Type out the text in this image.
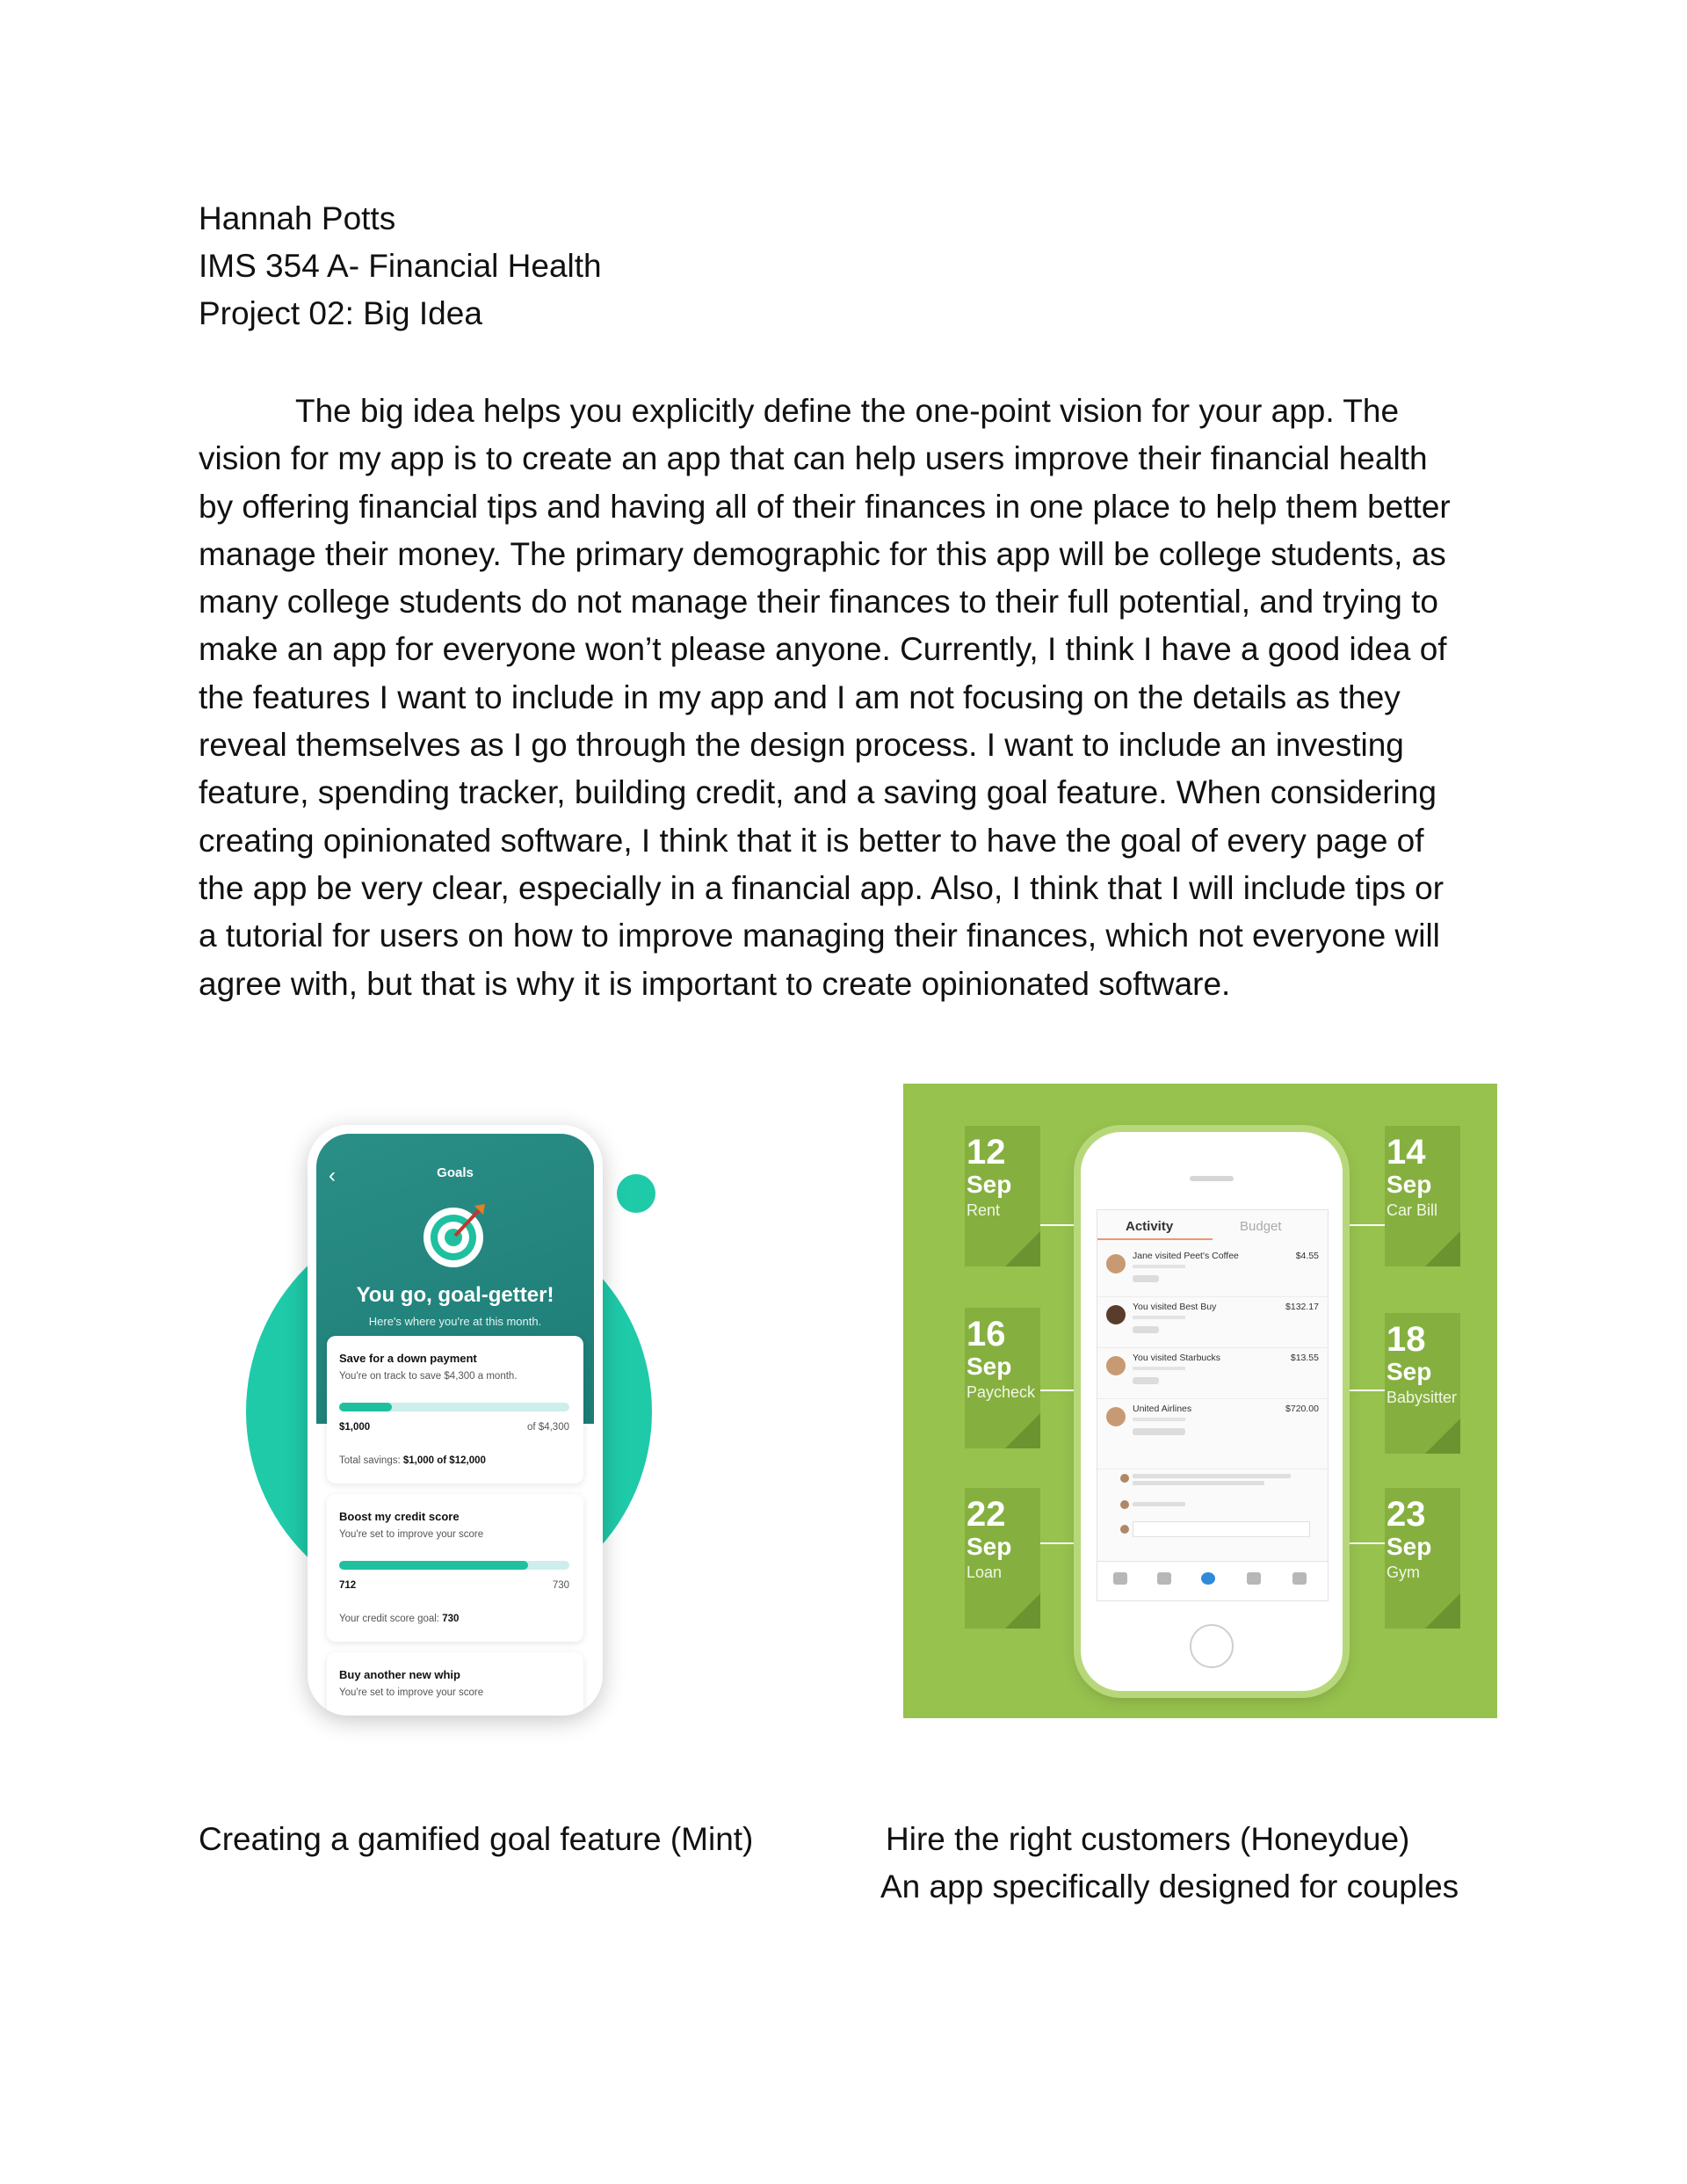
Hannah Potts
IMS 354 A- Financial Health
Project 02: Big Idea

The big idea helps you explicitly define the one-point vision for your app. The
vision for my app is to create an app that can help users improve their financial health
by offering financial tips and having all of their finances in one place to help them better
manage their money. The primary demographic for this app will be college students, as
many college students do not manage their finances to their full potential, and trying to
make an app for everyone won’t please anyone. Currently, I think I have a good idea of
the features I want to include in my app and I am not focusing on the details as they
reveal themselves as I go through the design process. I want to include an investing
feature, spending tracker, building credit, and a saving goal feature. When considering
creating opinionated software, I think that it is better to have the goal of every page of
the app be very clear, especially in a financial app. Also, I think that I will include tips or
a tutorial for users on how to improve managing their finances, which not everyone will
agree with, but that is why it is important to create opinionated software.

‹	Goals
You go, goal-getter!
Here's where you're at this month.
Save for a down payment
You're on track to save $4,300 a month.
$1,000	of $4,300
Total savings: $1,000 of $12,000
Boost my credit score
You're set to improve your score
712	730
Your credit score goal: 730
Buy another new whip
You're set to improve your score
12
Sep
Rent
16
Sep
Paycheck
22
Sep
Loan
14
Sep
Car Bill
18
Sep
Babysitter
23
Sep
Gym
Activity	Budget
Jane visited Peet's Coffee	$4.55
You visited Best Buy	$132.17
You visited Starbucks	$13.55
United Airlines	$720.00
Creating a gamified goal feature (Mint)	Hire the right customers (Honeydue)
An app specifically designed for couples
